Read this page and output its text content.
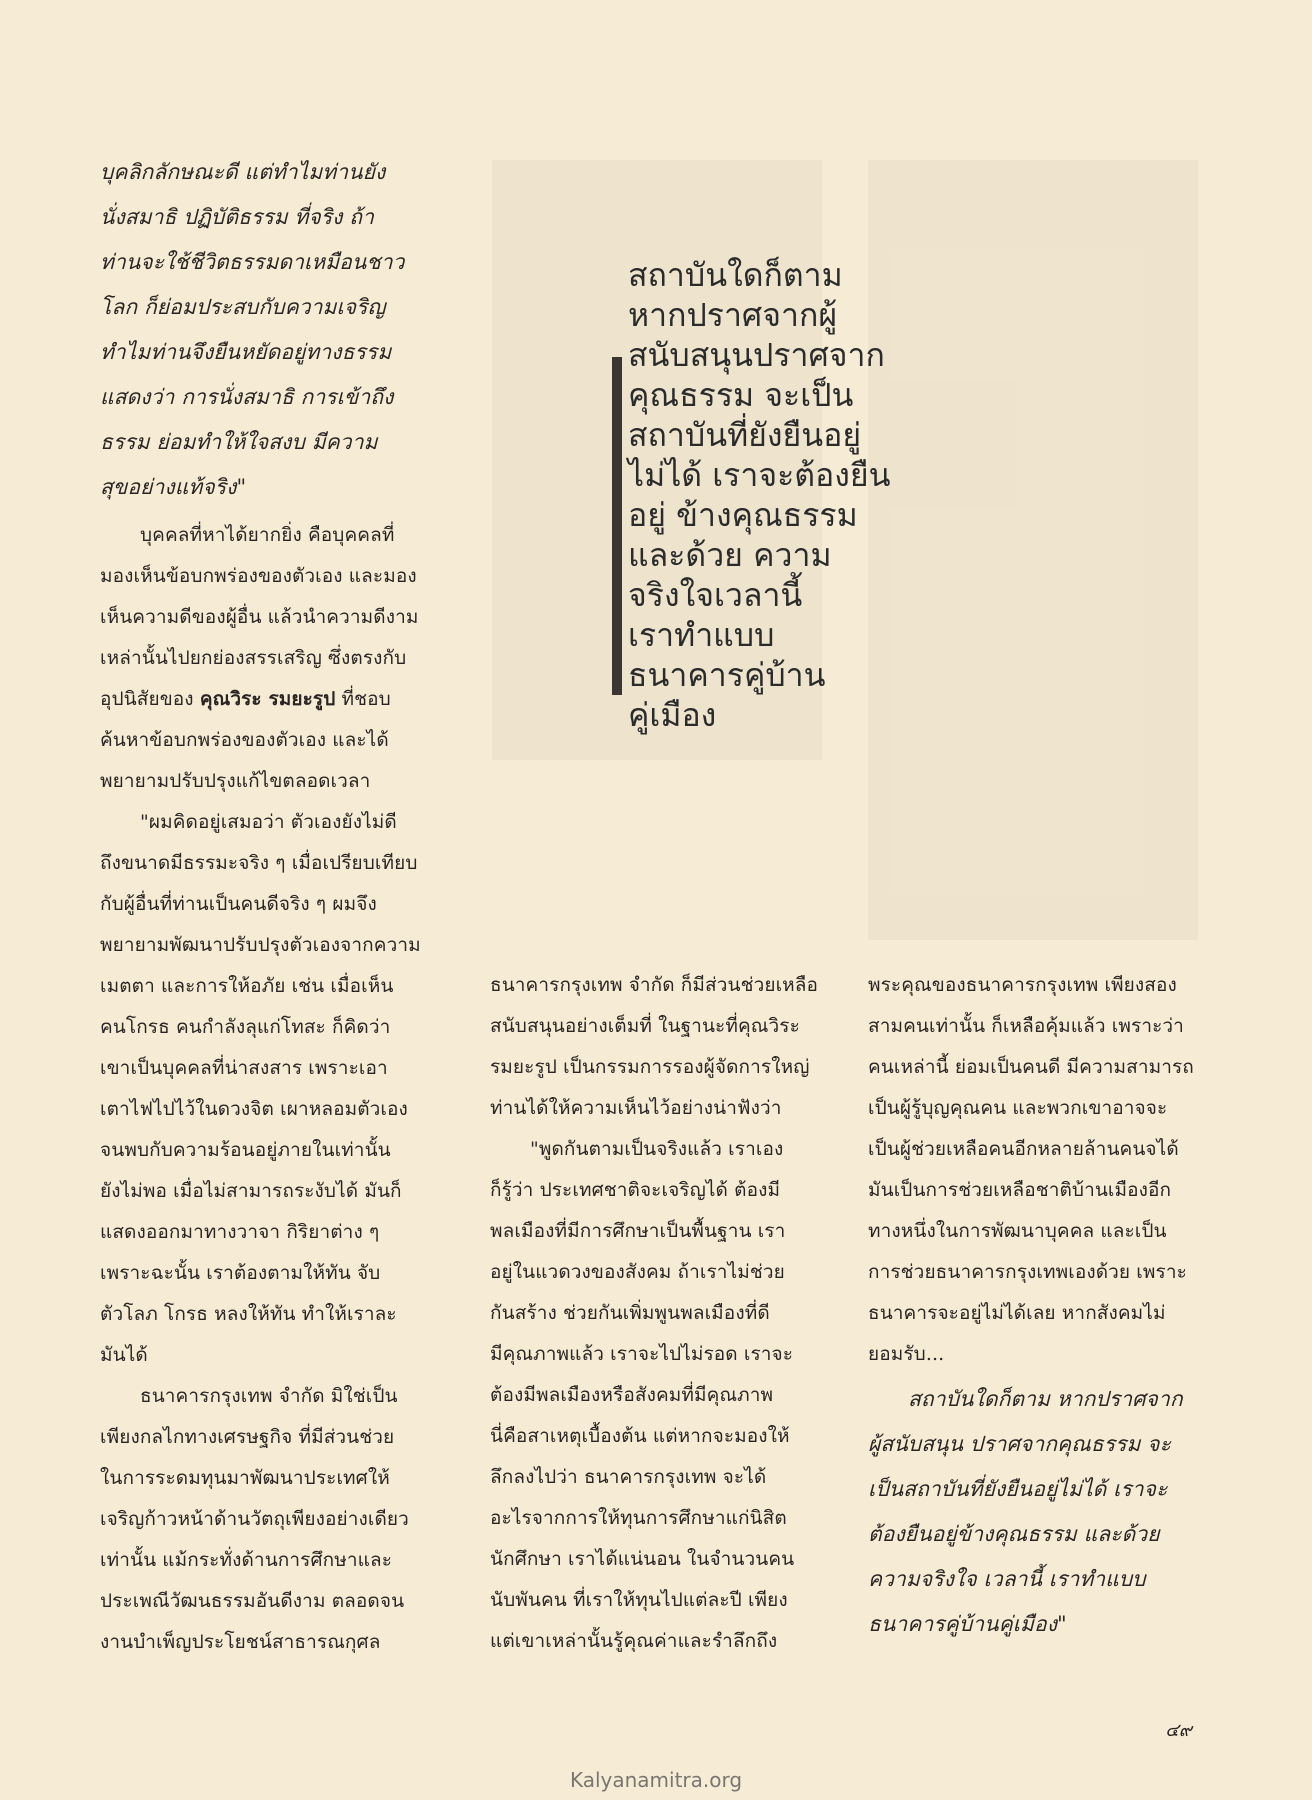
บุคลิกลักษณะดี แต่ทำไมท่านยัง
นั่งสมาธิ ปฏิบัติธรรม ที่จริง ถ้า
ท่านจะใช้ชีวิตธรรมดาเหมือนชาว
โลก ก็ย่อมประสบกับความเจริญ
ทำไมท่านจึงยืนหยัดอยู่ทางธรรม
แสดงว่า การนั่งสมาธิ การเข้าถึง
ธรรม ย่อมทำให้ใจสงบ มีความ
สุขอย่างแท้จริง"
บุคคลที่หาได้ยากยิ่ง คือบุคคลที่
มองเห็นข้อบกพร่องของตัวเอง และมอง
เห็นความดีของผู้อื่น แล้วนำความดีงาม
เหล่านั้นไปยกย่องสรรเสริญ ซึ่งตรงกับ
อุปนิสัยของ คุณวิระ รมยะรูป ที่ชอบ
ค้นหาข้อบกพร่องของตัวเอง และได้
พยายามปรับปรุงแก้ไขตลอดเวลา
"ผมคิดอยู่เสมอว่า ตัวเองยังไม่ดี
ถึงขนาดมีธรรมะจริง ๆ เมื่อเปรียบเทียบ
กับผู้อื่นที่ท่านเป็นคนดีจริง ๆ ผมจึง
พยายามพัฒนาปรับปรุงตัวเองจากความ
เมตตา และการให้อภัย เช่น เมื่อเห็น
คนโกรธ คนกำลังลุแก่โทสะ ก็คิดว่า
เขาเป็นบุคคลที่น่าสงสาร เพราะเอา
เตาไฟไปไว้ในดวงจิต เผาหลอมตัวเอง
จนพบกับความร้อนอยู่ภายในเท่านั้น
ยังไม่พอ เมื่อไม่สามารถระงับได้ มันก็
แสดงออกมาทางวาจา กิริยาต่าง ๆ
เพราะฉะนั้น เราต้องตามให้ทัน จับ
ตัวโลภ โกรธ หลงให้ทัน ทำให้เราละ
มันได้
ธนาคารกรุงเทพ จำกัด มิใช่เป็น
เพียงกลไกทางเศรษฐกิจ ที่มีส่วนช่วย
ในการระดมทุนมาพัฒนาประเทศให้
เจริญก้าวหน้าด้านวัตถุเพียงอย่างเดียว
เท่านั้น แม้กระทั่งด้านการศึกษาและ
ประเพณีวัฒนธรรมอันดีงาม ตลอดจน
งานบำเพ็ญประโยชน์สาธารณกุศล
สถาบันใดก็ตาม
หากปราศจากผู้
สนับสนุนปราศจาก
คุณธรรม จะเป็น
สถาบันที่ยังยืนอยู่
ไม่ได้ เราจะต้องยืน
อยู่ ข้างคุณธรรม
และด้วย ความ
จริงใจเวลานี้
เราทำแบบ
ธนาคารคู่บ้าน
คู่เมือง
ธนาคารกรุงเทพ จำกัด ก็มีส่วนช่วยเหลือ
สนับสนุนอย่างเต็มที่ ในฐานะที่คุณวิระ
รมยะรูป เป็นกรรมการรองผู้จัดการใหญ่
ท่านได้ให้ความเห็นไว้อย่างน่าฟังว่า
"พูดกันตามเป็นจริงแล้ว เราเอง
ก็รู้ว่า ประเทศชาติจะเจริญได้ ต้องมี
พลเมืองที่มีการศึกษาเป็นพื้นฐาน เรา
อยู่ในแวดวงของสังคม ถ้าเราไม่ช่วย
กันสร้าง ช่วยกันเพิ่มพูนพลเมืองที่ดี
มีคุณภาพแล้ว เราจะไปไม่รอด เราจะ
ต้องมีพลเมืองหรือสังคมที่มีคุณภาพ
นี่คือสาเหตุเบื้องต้น แต่หากจะมองให้
ลึกลงไปว่า ธนาคารกรุงเทพ จะได้
อะไรจากการให้ทุนการศึกษาแก่นิสิต
นักศึกษา เราได้แน่นอน ในจำนวนคน
นับพันคน ที่เราให้ทุนไปแต่ละปี เพียง
แต่เขาเหล่านั้นรู้คุณค่าและรำลึกถึง
พระคุณของธนาคารกรุงเทพ เพียงสอง
สามคนเท่านั้น ก็เหลือคุ้มแล้ว เพราะว่า
คนเหล่านี้ ย่อมเป็นคนดี มีความสามารถ
เป็นผู้รู้บุญคุณคน และพวกเขาอาจจะ
เป็นผู้ช่วยเหลือคนอีกหลายล้านคนจได้
มันเป็นการช่วยเหลือชาติบ้านเมืองอีก
ทางหนึ่งในการพัฒนาบุคคล และเป็น
การช่วยธนาคารกรุงเทพเองด้วย เพราะ
ธนาคารจะอยู่ไม่ได้เลย หากสังคมไม่
ยอมรับ...
สถาบันใดก็ตาม หากปราศจาก
ผู้สนับสนุน ปราศจากคุณธรรม จะ
เป็นสถาบันที่ยังยืนอยู่ไม่ได้ เราจะ
ต้องยืนอยู่ข้างคุณธรรม และด้วย
ความจริงใจ เวลานี้ เราทำแบบ
ธนาคารคู่บ้านคู่เมือง"
๔๙
Kalyanamitra.org
